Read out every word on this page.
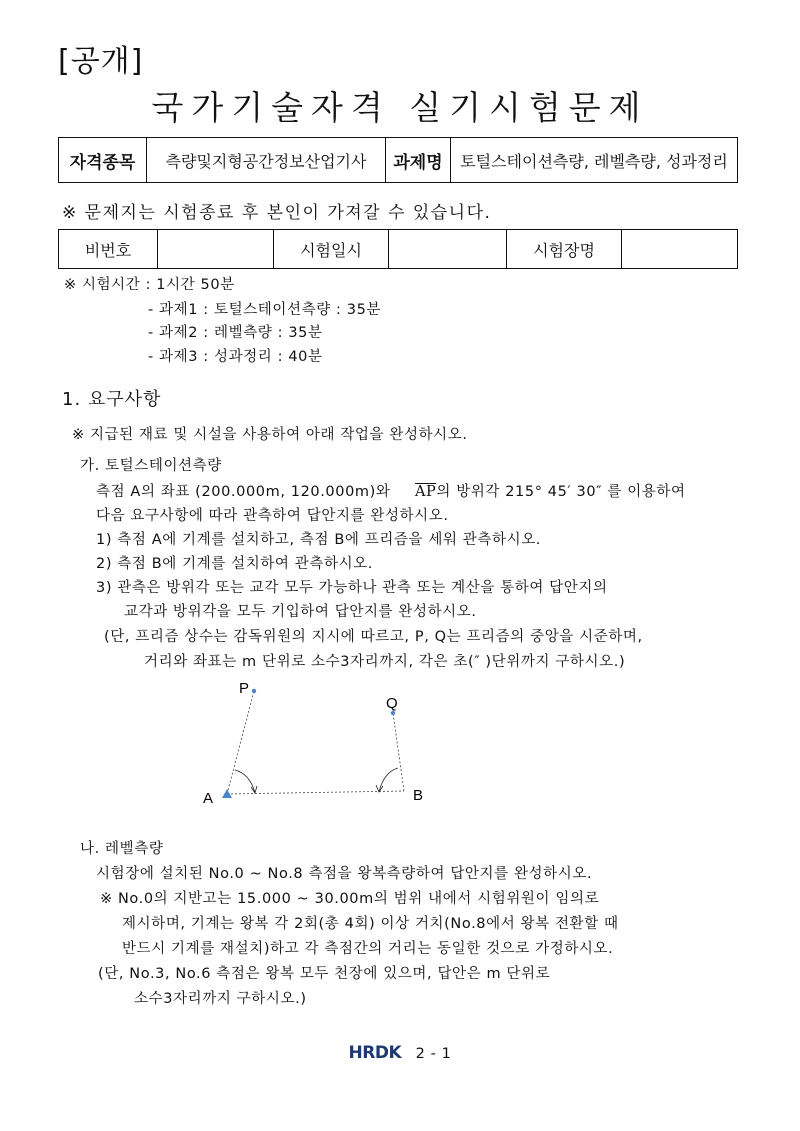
[공개]
국가기술자격 실기시험문제
자격종목	측량및지형공간정보산업기사	과제명	토털스테이션측량, 레벨측량, 성과정리
※ 문제지는 시험종료 후 본인이 가져갈 수 있습니다.
비번호		시험일시		시험장명	
※ 시험시간 : 1시간 50분
- 과제1 : 토털스테이션측량 : 35분
- 과제2 : 레벨측량 : 35분
- 과제3 : 성과정리 : 40분
1. 요구사항
※ 지급된 재료 및 시설을 사용하여 아래 작업을 완성하시오.
가. 토털스테이션측량
측점 A의 좌표 (200.000m, 120.000m)와 AP의 방위각 215° 45′ 30″ 를 이용하여
다음 요구사항에 따라 관측하여 답안지를 완성하시오.
1) 측점 A에 기계를 설치하고, 측점 B에 프리즘을 세워 관측하시오.
2) 측점 B에 기계를 설치하여 관측하시오.
3) 관측은 방위각 또는 교각 모두 가능하나 관측 또는 계산을 통하여 답안지의
교각과 방위각을 모두 기입하여 답안지를 완성하시오.
(단, 프리즘 상수는 감독위원의 지시에 따르고, P, Q는 프리즘의 중앙을 시준하며,
거리와 좌표는 m 단위로 소수3자리까지, 각은 초(″ )단위까지 구하시오.)
P
Q
A	B
나. 레벨측량
시험장에 설치된 No.0 ~ No.8 측점을 왕복측량하여 답안지를 완성하시오.
※ No.0의 지반고는 15.000 ~ 30.00m의 범위 내에서 시험위원이 임의로
제시하며, 기계는 왕복 각 2회(총 4회) 이상 거치(No.8에서 왕복 전환할 때
반드시 기계를 재설치)하고 각 측점간의 거리는 동일한 것으로 가정하시오.
(단, No.3, No.6 측점은 왕복 모두 천장에 있으며, 답안은 m 단위로
소수3자리까지 구하시오.)
HRDK 2 - 1
